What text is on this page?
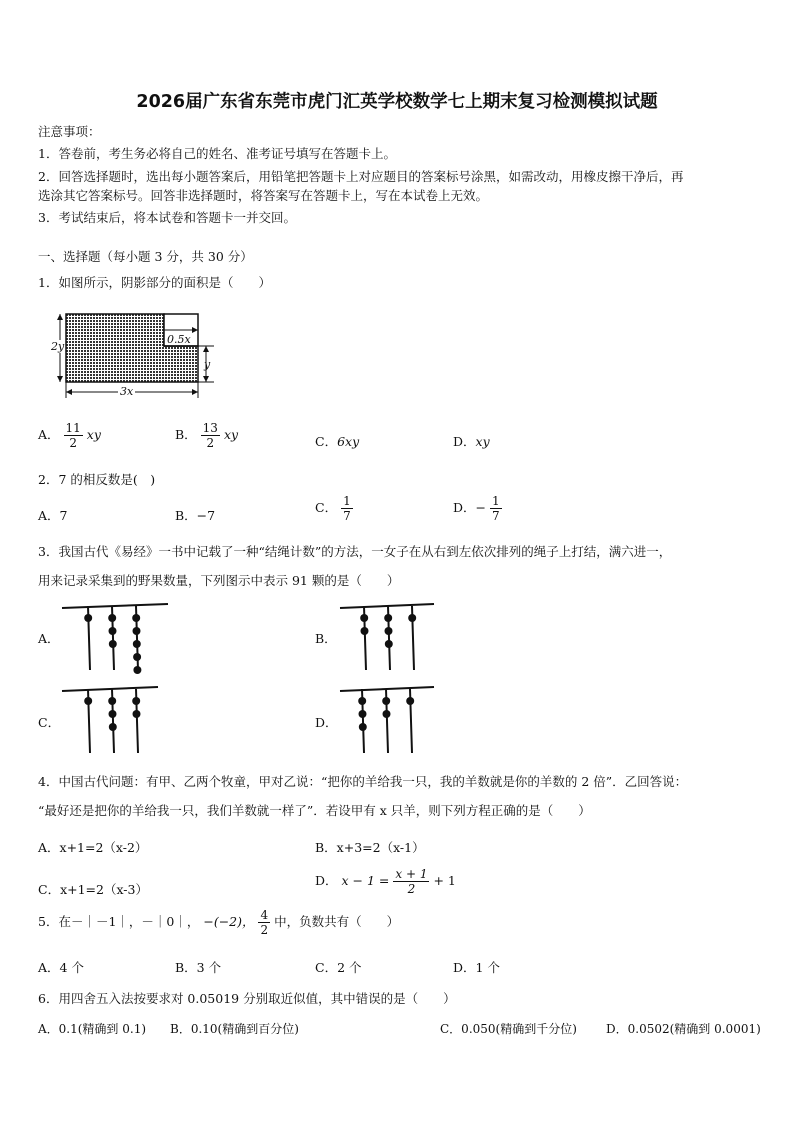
2026届广东省东莞市虎门汇英学校数学七上期末复习检测模拟试题
注意事项：
1．答卷前，考生务必将自己的姓名、准考证号填写在答题卡上。
2．回答选择题时，选出每小题答案后，用铅笔把答题卡上对应题目的答案标号涂黑，如需改动，用橡皮擦干净后，再
选涂其它答案标号。回答非选择题时，将答案写在答题卡上，写在本试卷上无效。
3．考试结束后，将本试卷和答题卡一并交回。
一、选择题（每小题 3 分，共 30 分）
1．如图所示，阴影部分的面积是（　　）
2y
0.5x
y
3x
A． $\frac{11}{2}$ xy	B． $\frac{13}{2}$ xy	C．6xy	D．xy
2．7 的相反数是(　)
A．7	B．−7
C． $\frac{1}{7}$	D．− $\frac{1}{7}$
3．我国古代《易经》一书中记载了一种“结绳计数”的方法，一女子在从右到左依次排列的绳子上打结，满六进一，
用来记录采集到的野果数量，下列图示中表示 91 颗的是（　　）
A．	B．
C．	D．
4．中国古代问题：有甲、乙两个牧童，甲对乙说：“把你的羊给我一只，我的羊数就是你的羊数的 2 倍”．乙回答说：
“最好还是把你的羊给我一只，我们羊数就一样了”．若设甲有 x 只羊，则下列方程正确的是（　　）
A．x+1=2（x-2）	B．x+3=2（x-1）
C．x+1=2（x-3）
D． $x - 1 = \frac{x + 1}{2} + 1$
5．在－｜－1｜，－｜0｜， −(−2)， $\frac{4}{2}$ 中，负数共有（　　）
A．4 个	B．3 个	C．2 个	D．1 个
6．用四舍五入法按要求对 0.05019 分别取近似值，其中错误的是（　　）
A．0.1(精确到 0.1) B．0.10(精确到百分位)	C．0.050(精确到千分位) D．0.0502(精确到 0.0001)
